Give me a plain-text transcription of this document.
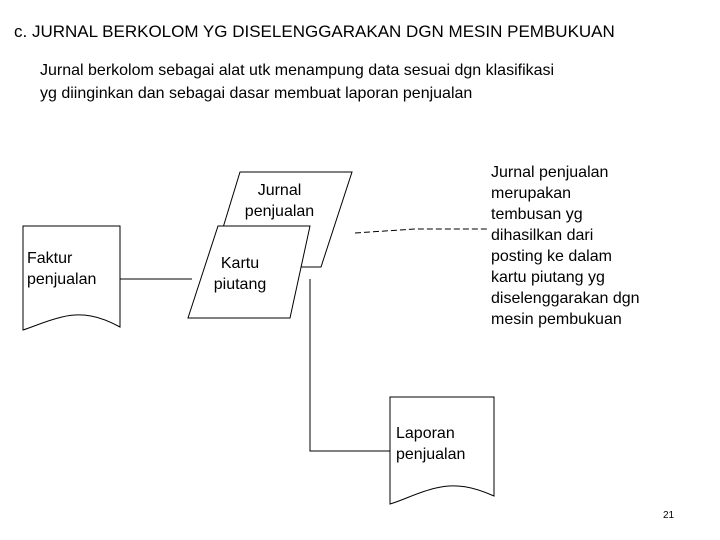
c. JURNAL BERKOLOM YG DISELENGGARAKAN DGN MESIN PEMBUKUAN
Jurnal berkolom sebagai alat utk menampung data sesuai dgn klasifikasi
yg diinginkan dan sebagai dasar membuat laporan penjualan
Faktur
penjualan
Jurnal
penjualan
Kartu
piutang
Laporan
penjualan
Jurnal penjualan
merupakan
tembusan yg
dihasilkan dari
posting ke dalam
kartu piutang yg
diselenggarakan dgn
mesin pembukuan
21
